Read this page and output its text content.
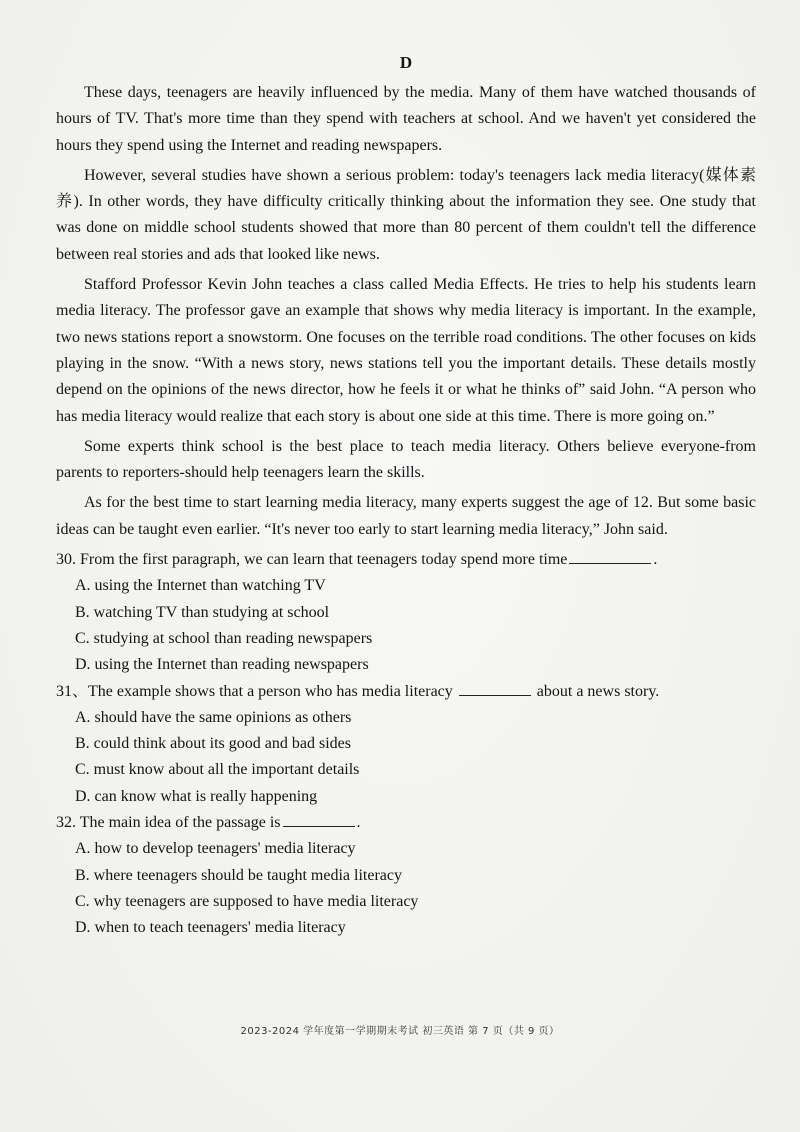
D

These days, teenagers are heavily influenced by the media. Many of them have watched thousands of hours of TV. That's more time than they spend with teachers at school. And we haven't yet considered the hours they spend using the Internet and reading newspapers.

However, several studies have shown a serious problem: today's teenagers lack media literacy(媒体素养). In other words, they have difficulty critically thinking about the information they see. One study that was done on middle school students showed that more than 80 percent of them couldn't tell the difference between real stories and ads that looked like news.

Stafford Professor Kevin John teaches a class called Media Effects. He tries to help his students learn media literacy. The professor gave an example that shows why media literacy is important. In the example, two news stations report a snowstorm. One focuses on the terrible road conditions. The other focuses on kids playing in the snow. “With a news story, news stations tell you the important details. These details mostly depend on the opinions of the news director, how he feels it or what he thinks of” said John. “A person who has media literacy would realize that each story is about one side at this time. There is more going on.”

Some experts think school is the best place to teach media literacy. Others believe everyone-from parents to reporters-should help teenagers learn the skills.

As for the best time to start learning media literacy, many experts suggest the age of 12. But some basic ideas can be taught even earlier. “It's never too early to start learning media literacy,” John said.

30. From the first paragraph, we can learn that teenagers today spend more time	.

A. using the Internet than watching TV
B. watching TV than studying at school
C. studying at school than reading newspapers
D. using the Internet than reading newspapers

31、The example shows that a person who has media literacy	about a news story.

A. should have the same opinions as others
B. could think about its good and bad sides
C. must know about all the important details
D. can know what is really happening

32. The main idea of the passage is	.

A. how to develop teenagers' media literacy
B. where teenagers should be taught media literacy
C. why teenagers are supposed to have media literacy
D. when to teach teenagers' media literacy
2023-2024 学年度第一学期期末考试 初三英语 第 7 页（共 9 页）
